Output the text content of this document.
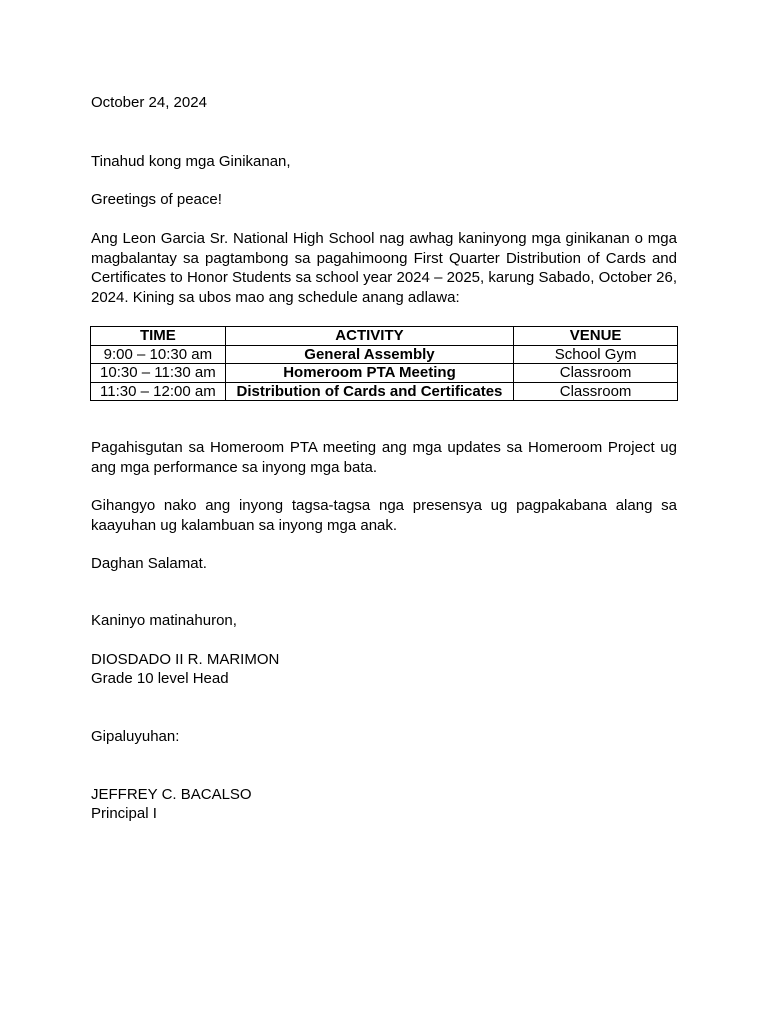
October 24, 2024

Tinahud kong mga Ginikanan,

Greetings of peace!

Ang Leon Garcia Sr. National High School nag awhag kaninyong mga ginikanan o mga magbalantay sa pagtambong sa pagahimoong First Quarter Distribution of Cards and Certificates to Honor Students sa school year 2024 – 2025, karung Sabado, October 26, 2024. Kining sa ubos mao ang schedule anang adlawa:

TIME	ACTIVITY	VENUE
9:00 – 10:30 am	General Assembly	School Gym
10:30 – 11:30 am	Homeroom PTA Meeting	Classroom
11:30 – 12:00 am	Distribution of Cards and Certificates	Classroom

Pagahisgutan sa Homeroom PTA meeting ang mga updates sa Homeroom Project ug ang mga performance sa inyong mga bata.

Gihangyo nako ang inyong tagsa-tagsa nga presensya ug pagpakabana alang sa kaayuhan ug kalambuan sa inyong mga anak.

Daghan Salamat.

Kaninyo matinahuron,

DIOSDADO II R. MARIMON

Grade 10 level Head

Gipaluyuhan:

JEFFREY C. BACALSO

Principal I
